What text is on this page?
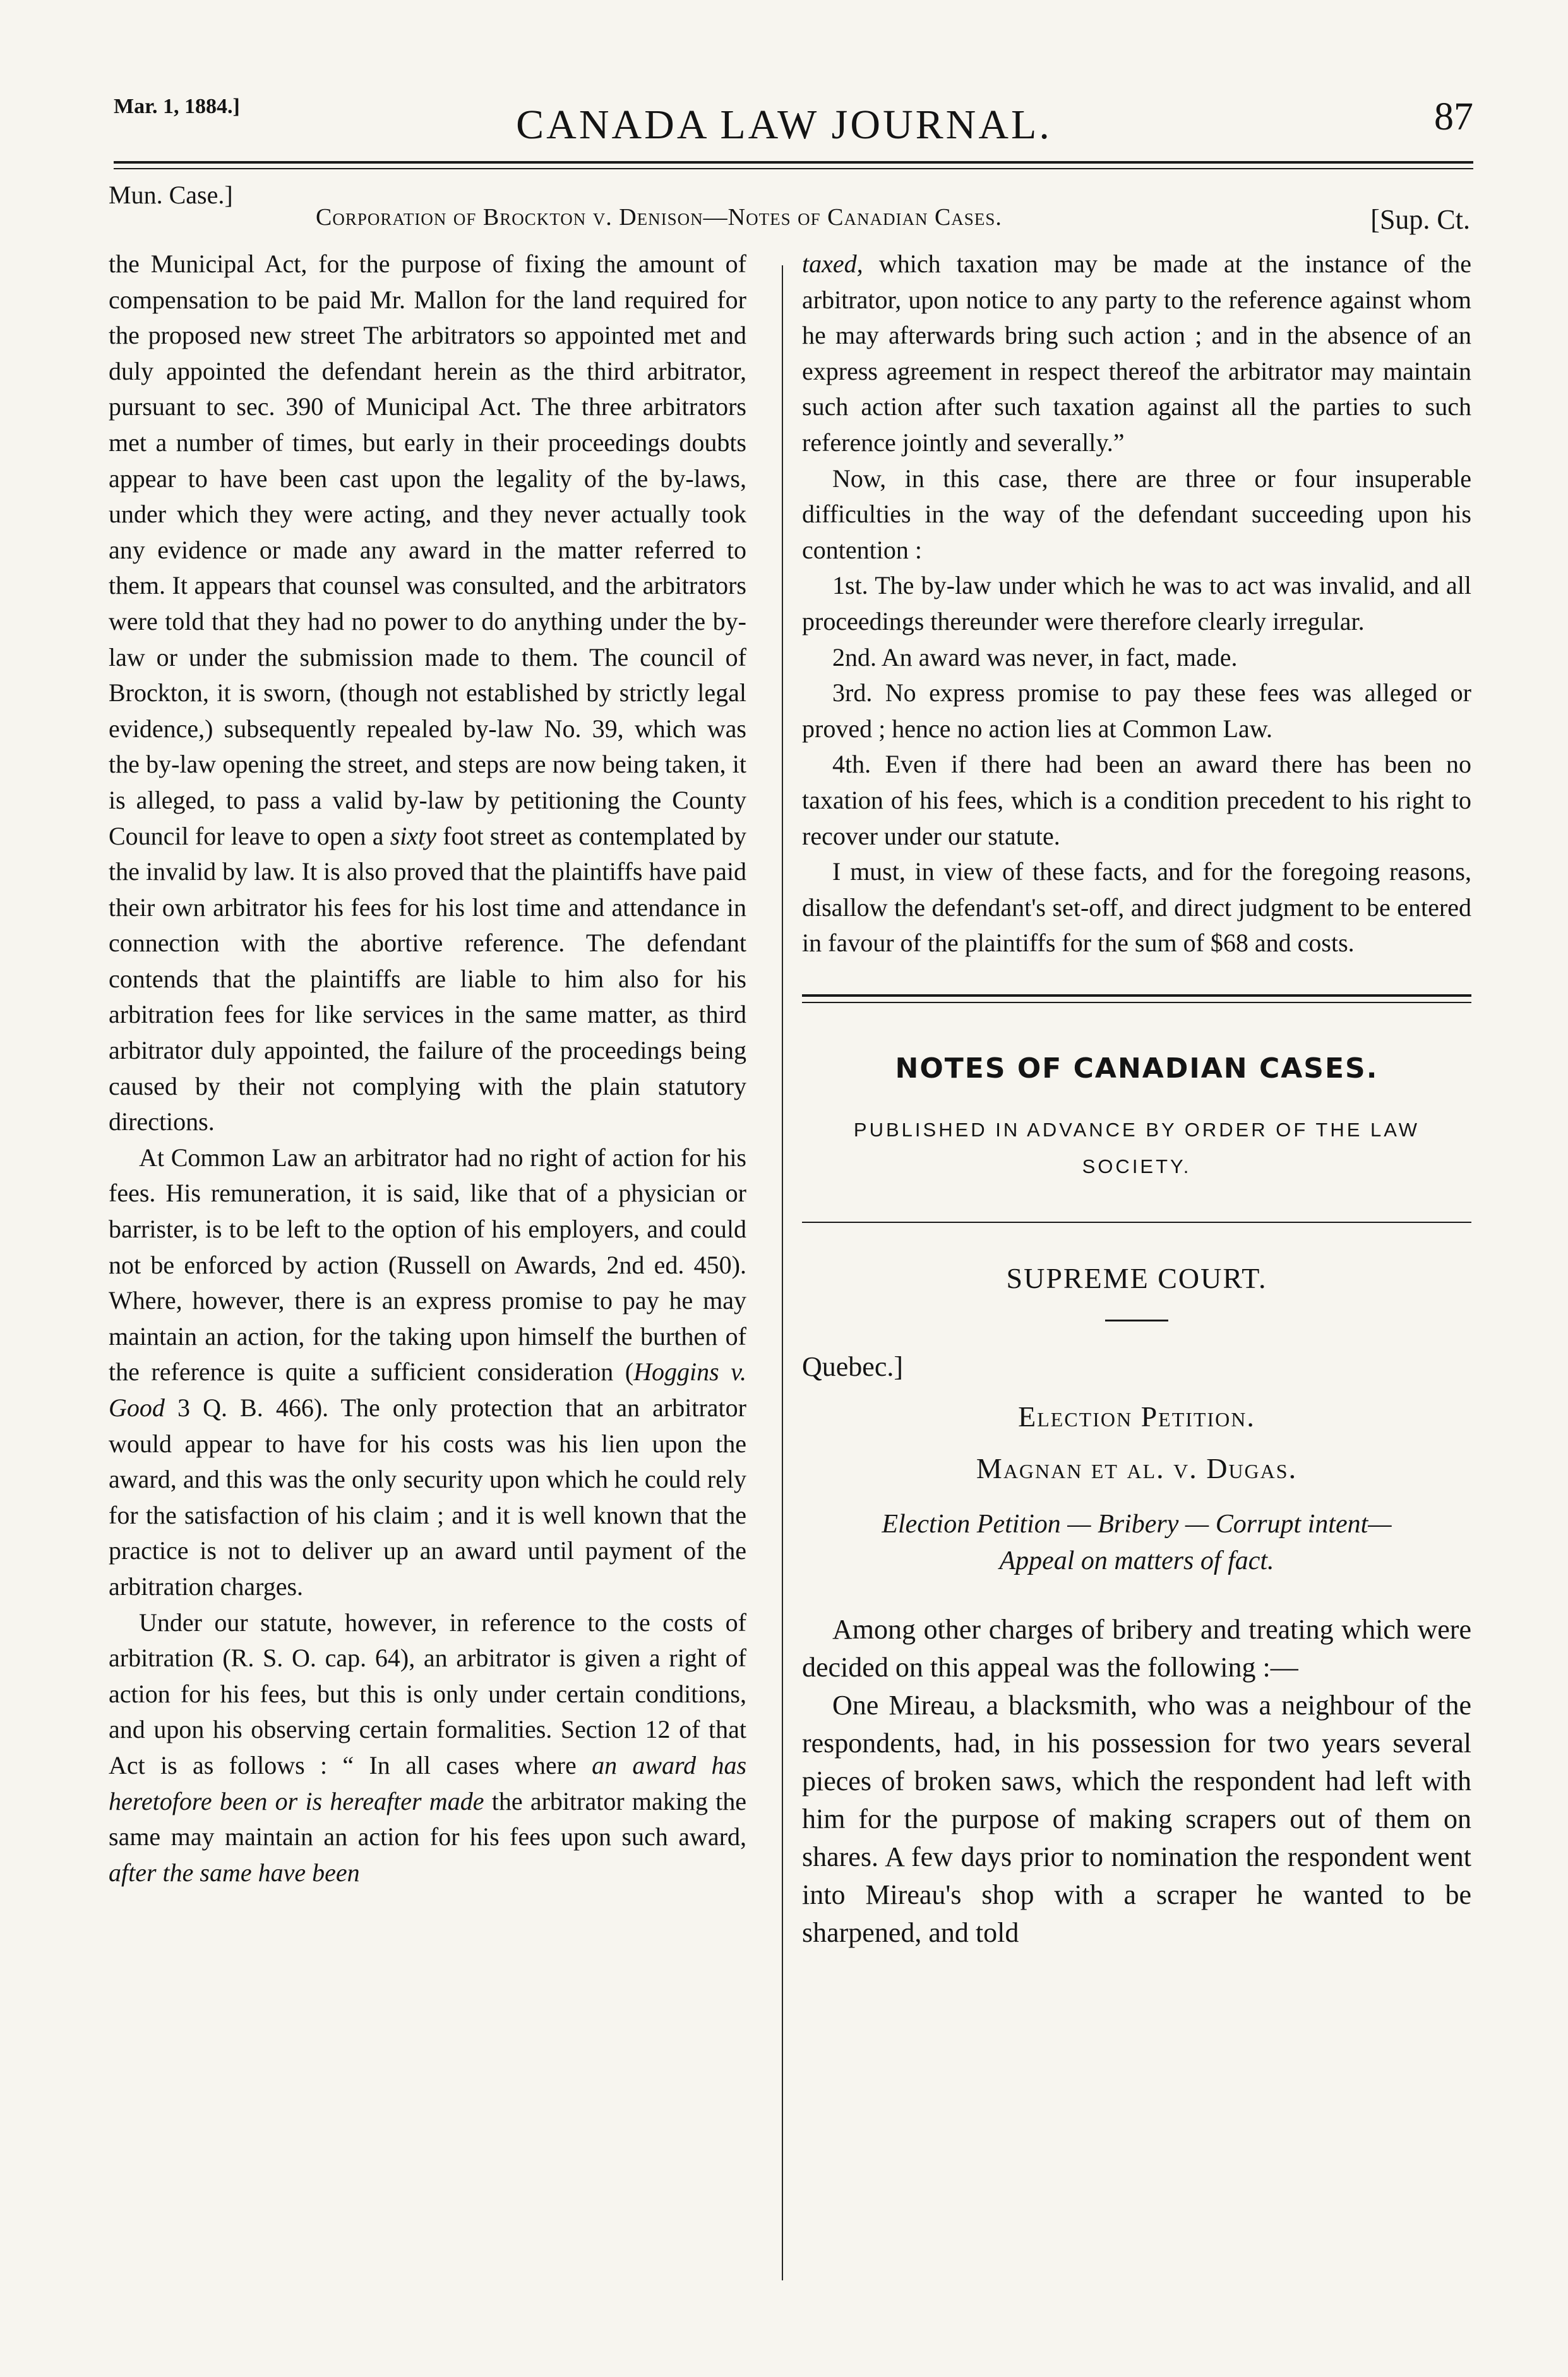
Mar. 1, 1884.]	CANADA LAW JOURNAL.	87
Mun. Case.]
Corporation of Brockton v. Denison—Notes of Canadian Cases.	[Sup. Ct.

the Municipal Act, for the purpose of fixing the amount of compensation to be paid Mr. Mallon for the land required for the proposed new street The arbitrators so appointed met and duly appointed the defendant herein as the third arbitrator, pursuant to sec. 390 of Municipal Act. The three arbitrators met a number of times, but early in their proceedings doubts appear to have been cast upon the legality of the by-laws, under which they were acting, and they never actually took any evidence or made any award in the matter referred to them. It appears that counsel was consulted, and the arbitrators were told that they had no power to do anything under the by-law or under the submission made to them. The council of Brockton, it is sworn, (though not established by strictly legal evidence,) subsequently repealed by-law No. 39, which was the by-law opening the street, and steps are now being taken, it is alleged, to pass a valid by-law by petitioning the County Council for leave to open a sixty foot street as contemplated by the invalid by law. It is also proved that the plaintiffs have paid their own arbitrator his fees for his lost time and attendance in connection with the abortive reference. The defendant contends that the plaintiffs are liable to him also for his arbitration fees for like services in the same matter, as third arbitrator duly appointed, the failure of the proceedings being caused by their not complying with the plain statutory directions.

At Common Law an arbitrator had no right of action for his fees. His remuneration, it is said, like that of a physician or barrister, is to be left to the option of his employers, and could not be enforced by action (Russell on Awards, 2nd ed. 450). Where, however, there is an express promise to pay he may maintain an action, for the taking upon himself the burthen of the reference is quite a sufficient consideration (Hoggins v. Good 3 Q. B. 466). The only protection that an arbitrator would appear to have for his costs was his lien upon the award, and this was the only security upon which he could rely for the satisfaction of his claim ; and it is well known that the practice is not to deliver up an award until payment of the arbitration charges.

Under our statute, however, in reference to the costs of arbitration (R. S. O. cap. 64), an arbitrator is given a right of action for his fees, but this is only under certain conditions, and upon his observing certain formalities. Section 12 of that Act is as follows : “ In all cases where an award has heretofore been or is hereafter made the arbitrator making the same may maintain an action for his fees upon such award, after the same have been

taxed, which taxation may be made at the instance of the arbitrator, upon notice to any party to the reference against whom he may afterwards bring such action ; and in the absence of an express agreement in respect thereof the arbitrator may maintain such action after such taxation against all the parties to such reference jointly and severally.”

Now, in this case, there are three or four insuperable difficulties in the way of the defendant succeeding upon his contention :

1st. The by-law under which he was to act was invalid, and all proceedings thereunder were therefore clearly irregular.

2nd. An award was never, in fact, made.

3rd. No express promise to pay these fees was alleged or proved ; hence no action lies at Common Law.

4th. Even if there had been an award there has been no taxation of his fees, which is a condition precedent to his right to recover under our statute.

I must, in view of these facts, and for the foregoing reasons, disallow the defendant's set-off, and direct judgment to be entered in favour of the plaintiffs for the sum of $68 and costs.

NOTES OF CANADIAN CASES.
PUBLISHED IN ADVANCE BY ORDER OF THE LAW SOCIETY.
SUPREME COURT.
Quebec.]
Election Petition.
Magnan et al. v. Dugas.
Election Petition — Bribery — Corrupt intent—
Appeal on matters of fact.

Among other charges of bribery and treating which were decided on this appeal was the following :—

One Mireau, a blacksmith, who was a neighbour of the respondents, had, in his possession for two years several pieces of broken saws, which the respondent had left with him for the purpose of making scrapers out of them on shares. A few days prior to nomination the respondent went into Mireau's shop with a scraper he wanted to be sharpened, and told
